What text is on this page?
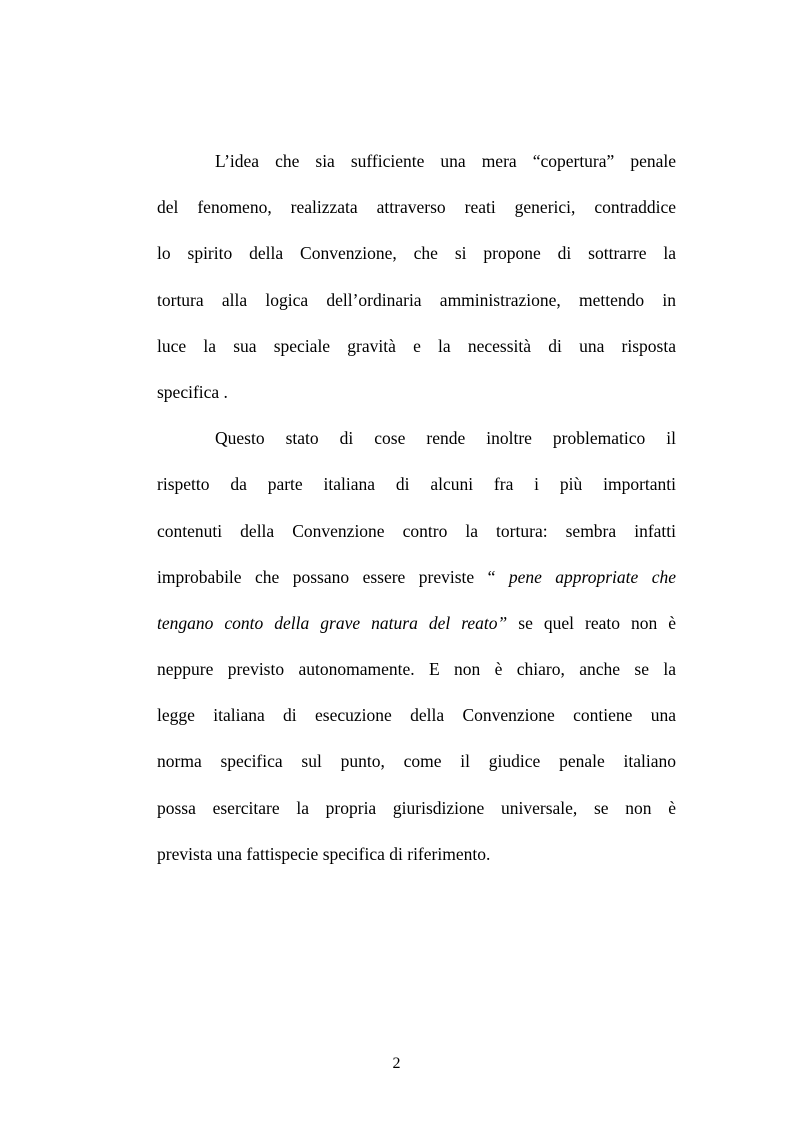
L’idea che sia sufficiente una mera “copertura” penale
del fenomeno, realizzata attraverso reati generici, contraddice
lo spirito della Convenzione, che si propone di sottrarre la
tortura alla logica dell’ordinaria amministrazione, mettendo in
luce la sua speciale gravità e la necessità di una risposta
specifica .
Questo stato di cose rende inoltre problematico il
rispetto da parte italiana di alcuni fra i più importanti
contenuti della Convenzione contro la tortura: sembra infatti
improbabile che possano essere previste “ pene appropriate che
tengano conto della grave natura del reato” se quel reato non è
neppure previsto autonomamente. E non è chiaro, anche se la
legge italiana di esecuzione della Convenzione contiene una
norma specifica sul punto, come il giudice penale italiano
possa esercitare la propria giurisdizione universale, se non è
prevista una fattispecie specifica di riferimento.
2
